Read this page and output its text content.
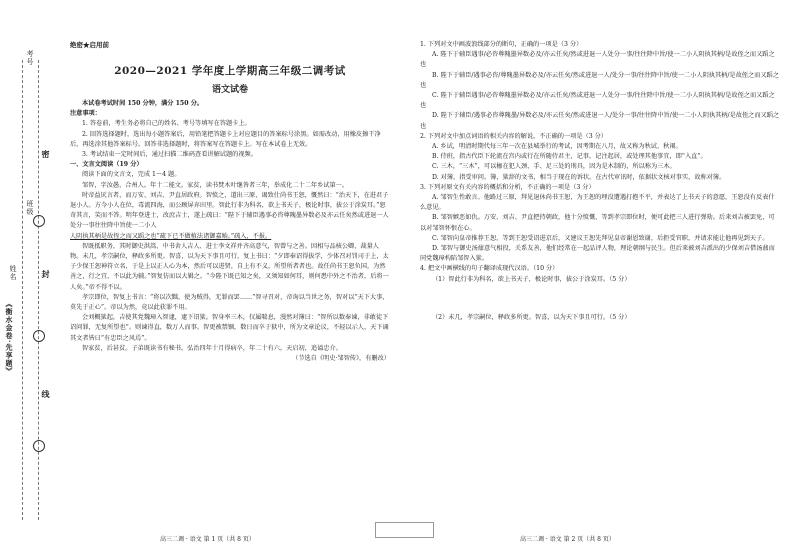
《衡水金卷·先享题》
姓名
班级
考号
密
封
线

绝密★启用前

2020—2021 学年度上学期高三年级二调考试

语文试卷

本试卷考试时间 150 分钟，满分 150 分。

注意事项：

1. 答卷前，考生务必将自己的姓名、考号等填写在答题卡上。

2. 回答选择题时，选出每小题答案后，用铅笔把答题卡上对应题目的答案标号涂黑。如需改动，用橡皮擦干净后，再选涂其他答案标号。回答非选择题时，将答案写在答题卡上。写在本试卷上无效。

3. 考试结束一定时间后，通过扫描二维码查看讲解试题的视频。

一、文言文阅读（19 分）

阅读下面的文言文，完成 1～4 题。

邹智，字汝愚，合州人。年十二能文。家贫，读书焚木叶继咎者三年，举成化二十二年乡试第一。

时帝益厌言者，而万安、刘吉、尹直居政府。智愤之，道出三原，谒致仕尚书王恕，慨然曰：“治天下，在进君子退小人。方今小人在位，毒流四海，而公顾屏弃田里。智此行非为科名，欲上书天子，极论时事，拔公于涂炭耳。”恕奇其言，笑而不答。明年登进士，改庶吉士，遂上疏曰：“陛下于辅臣遇事必咨尊隗墨异数必及亦云任矣然或进退一人处分一事往往降中旨使一二小人

人阴执其柄是故侄之而又蹈之也”疏下已不做植法诸御嘉贻。”疏入，不报。

智既抵职务，其时御史洪嵩、中书舍人吉人、进士李文祥并齐高意气，智曾与之善。因相与品核公卿，裁量人物。未几，孝宗嗣位，释政多所更。智喜，以为天下事且可行，复上书曰：“夕即奉诏得拔学，少体召对罚司于上，太子少保王恕神符立名，于是上以正人心为本，然后可以进贤，自上有不义，所望所者者也。故任尚书王恕负国，为然善之，行之宜，不以此为辅。”智复仿而以大辑之。“今陛下既已知之矣，又须知如何耳，则何患中外之不治者，后将一人矣。”帝不得不以。

孝宗即位，智复上书言：“将以次黜，使为贼得，无罪而罢……”智寻召对，帝询以当世之务，智对以“天下大事，莫先于正心”。帝以为然，竟以此获罪不用。

会刘概狱起，吉使其党魏璋入智逮，逮下诏狱。智身率三木，仅属喘息，漫然对簿曰：“智所以数奉谏，非敢徒下诏问罪，无复所望也”。则谏得直，数万人而事。智更被禁锢，数日而卒于狱中，所为文章论议，不轻以示人，天下诵其文者皆曰“有忠臣之风焉”。

智家贫，后甚贫。子弟既读书有秘书。弘治四年十月得病卒，年二十有六。天启初，追谥忠介。

（节选自《明史·邹智传》，有删改）

1. 下列对文中画波浪线部分的断句，正确的一项是（3 分）

A. 陛下于辅臣遇事/必咨尊隗墨异数必及/亦云任矣/然或进退一人处分一事/往往降中旨/使一二小人阴执其柄/是故侄之而又蹈之也

B. 陛下于辅臣/遇事必咨/尊隗墨异数必及/亦云任矣/然或进退一人/处分一事/往往降中旨/使一二小人阴执其柄/是故侄之而又蹈之也

C. 陛下于辅臣遇事/必咨尊隗墨异数必及/亦云任矣/然或进退一人处分一事/往往降中旨/使一二小人阴执其柄/是故侄之而又蹈之也

D. 陛下于辅臣/遇事必咨尊隗墨/异数必及/亦云任矣/然或进退一人/处分一事/往往降中旨/使一二小人阴执其柄/是故侄之而又蹈之也

2. 下列对文中加点词语的相关内容的解说，不正确的一项是（3 分）

A. 乡试，明清时期代每三年一次在县城举行的考试，因考期在八月，故又称为秋试、秋闱。

B. 侍班，指古代臣下轮流在宫内或行在所随侍君主，记事，记注起居，或处理其他事宜，即“入直”。

C. 三木，“三木”，可以枷在犯人颈、手、足三处的刑具，因为是木制的，所以称为三木。

D. 对簿，指受审问。簿，狱辞的文书，相当于现在的诉状。在古代审讯时，依据状文核对事实，故称对簿。

3. 下列对原文有关内容的概括和分析，不正确的一项是（3 分）

A. 邹智生性敢言。他路过三原，拜见退休尚书王恕，为王恕的埋没遭遇打抱不平，并表达了上书天子的意愿，王恕没有反表什么意见。

B. 邹智嫉恶如仇。万安、刘吉、尹直把持朝政，他十分愤慨，等到孝宗即位时，便可此把三人进行弹劾。后来刘吉被罢免，可以对邹智怀恨在心。

C. 邹智向皇帝推荐王恕，等到王恕受诏进京后，又建议王恕先拜见皇帝谢恩致谢，后拒受官职，并请求能让他再见到天子。

D. 邹智与御史汤鼐意气相投，关系友善，他们经常在一起品评人物，理论朝纲与民生。但后来被刘吉派出的少保刘吉借汤鼐而同党魏璋构陷邹智入狱。

4. 把文中画横线的句子翻译成现代汉语。（10 分）

（1）智此行非为科名，欲上书天子，极论时事，拔公于涂炭耳。（5 分）

（2）未几，孝宗嗣位，释政多所更。智喜，以为天下事且可行。（5 分）

高三二调 · 语文 第 1 页（共 8 页）	高三二调 · 语文 第 2 页（共 8 页）
